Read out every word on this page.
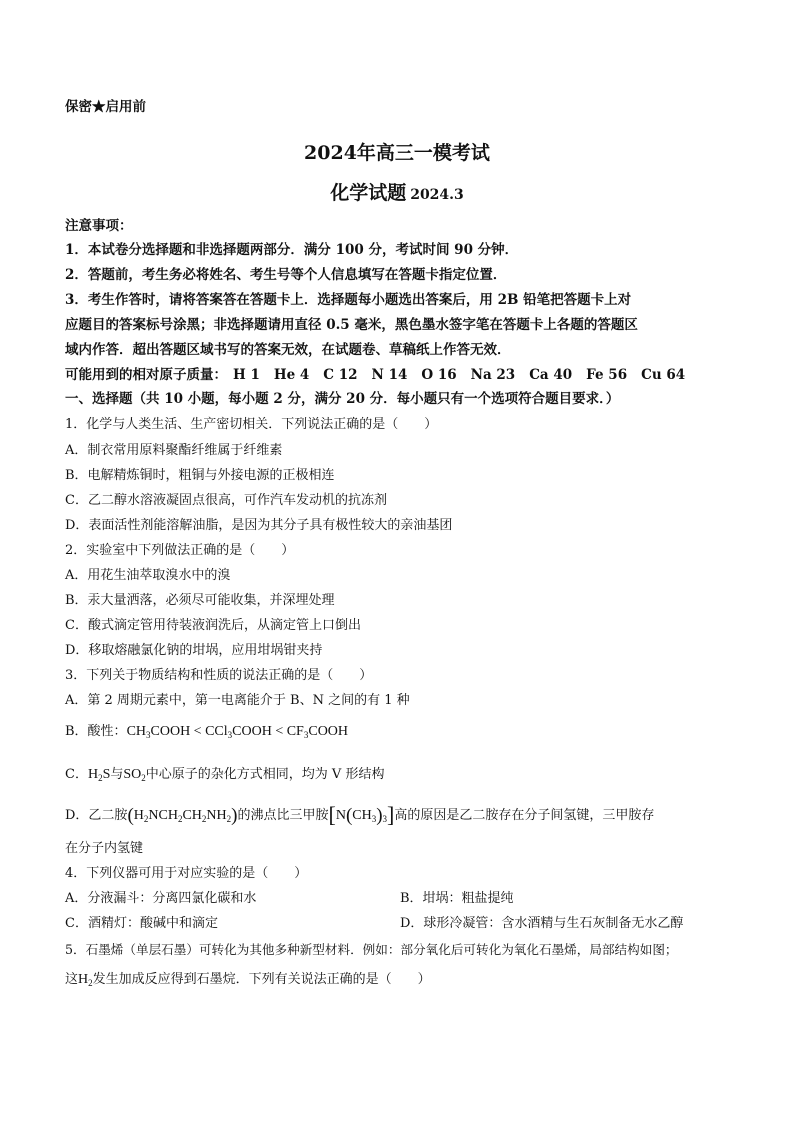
保密★启用前
2024年高三一模考试
化学试题 2024.3
注意事项：
1．本试卷分选择题和非选择题两部分．满分 100 分，考试时间 90 分钟．
2．答题前，考生务必将姓名、考生号等个人信息填写在答题卡指定位置．
3．考生作答时，请将答案答在答题卡上．选择题每小题选出答案后，用 2B 铅笔把答题卡上对
应题目的答案标号涂黑；非选择题请用直径 0.5 毫米，黑色墨水签字笔在答题卡上各题的答题区
域内作答．超出答题区域书写的答案无效，在试题卷、草稿纸上作答无效．
可能用到的相对原子质量： H 1 He 4 C 12 N 14 O 16 Na 23 Ca 40 Fe 56 Cu 64
一、选择题（共 10 小题，每小题 2 分，满分 20 分．每小题只有一个选项符合题目要求．）
1．化学与人类生活、生产密切相关．下列说法正确的是（　　）
A．制衣常用原料聚酯纤维属于纤维素
B．电解精炼铜时，粗铜与外接电源的正极相连
C．乙二醇水溶液凝固点很高，可作汽车发动机的抗冻剂
D．表面活性剂能溶解油脂，是因为其分子具有极性较大的亲油基团
2．实验室中下列做法正确的是（　　）
A．用花生油萃取溴水中的溴
B．汞大量洒落，必须尽可能收集，并深埋处理
C．酸式滴定管用待装液润洗后，从滴定管上口倒出
D．移取熔融氯化钠的坩埚，应用坩埚钳夹持
3．下列关于物质结构和性质的说法正确的是（　　）
A．第 2 周期元素中，第一电离能介于 B、N 之间的有 1 种
B．酸性：$CH_3COOH$ < CCl$_3$COOH < $CF_3COOH$
C．$H_2S$与$SO_2$中心原子的杂化方式相同，均为 V 形结构
D．乙二胺$(H_2NCH_2CH_2NH_2)$的沸点比三甲胺$[N(CH_3)_3]$高的原因是乙二胺存在分子间氢键，三甲胺存
在分子内氢键
4．下列仪器可用于对应实验的是（　　）
A．分液漏斗：分离四氯化碳和水	B．坩埚：粗盐提纯
C．酒精灯：酸碱中和滴定	D．球形冷凝管：含水酒精与生石灰制备无水乙醇
5．石墨烯（单层石墨）可转化为其他多种新型材料．例如：部分氧化后可转化为氧化石墨烯，局部结构如图；
这$H_2$发生加成反应得到石墨烷．下列有关说法正确的是（　　）
